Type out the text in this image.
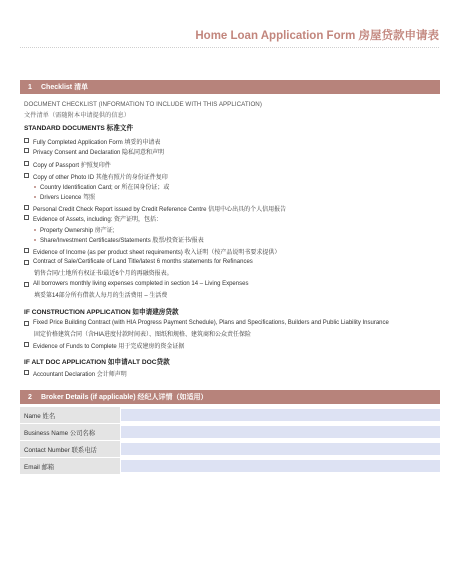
Home Loan Application Form 房屋贷款申请表
1	Checklist 清单
DOCUMENT CHECKLIST (INFORMATION TO INCLUDE WITH THIS APPLICATION)
文件清单（需随附本申请提供的信息）
STANDARD DOCUMENTS 标准文件
Fully Completed Application Form 填妥的申请表
Privacy Consent and Declaration 隐私同意和声明
Copy of Passport 护照复印件
Copy of other Photo ID 其他有照片的身份证件复印
Country Identification Card; or 所在国身份证；或
Drivers Licence 驾照
Personal Credit Check Report issued by Credit Reference Centre 信用中心出具的个人信用报告
Evidence of Assets, including: 资产证明，包括：
Property Ownership 房产证;
Share/Investment Certificates/Statements 股票/投资证书/报表
Evidence of Income (as per product sheet requirements) 收入证明（按产品说明书要求提供）
Contract of Sale/Certificate of Land Title/latest 6 months statements for Refinances
销售合同/土地所有权证书/最近6个月的再融资报表。
All borrowers monthly living expenses completed in section 14 – Living Expenses
填妥第14部分所有借款人每月的生活费用 – 生活费
IF CONSTRUCTION APPLICATION 如申请建房贷款
Fixed Price Building Contract (with HIA Progress Payment Schedule), Plans and Specifications, Builders and Public Liability Insurance
固定价格建筑合同（含HIA进度付款时间表）、图纸和规格、建筑商和公众责任保险
Evidence of Funds to Complete 用于完成建房的资金证据
IF ALT DOC APPLICATION 如申请ALT DOC贷款
Accountant Declaration 会计师声明
2	Broker Details (if applicable) 经纪人详情（如适用）
Name 姓名
Business Name 公司名称
Contact Number 联系电话
Email 邮箱
